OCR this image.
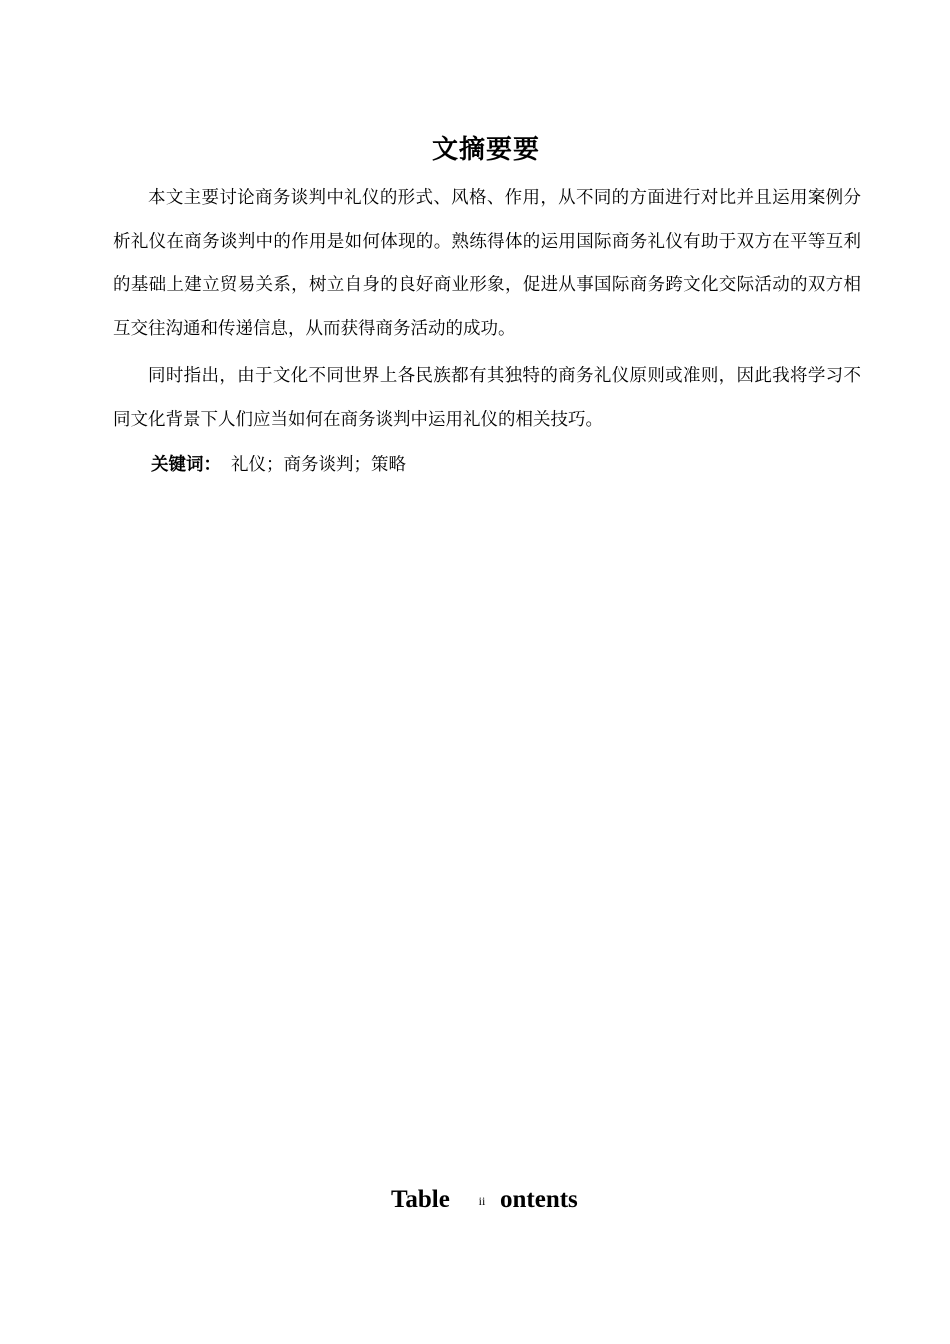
文摘要要

本文主要讨论商务谈判中礼仪的形式、风格、作用，从不同的方面进行对比并且运用案例分析礼仪在商务谈判中的作用是如何体现的。熟练得体的运用国际商务礼仪有助于双方在平等互利的基础上建立贸易关系，树立自身的良好商业形象，促进从事国际商务跨文化交际活动的双方相互交往沟通和传递信息，从而获得商务活动的成功。

同时指出，由于文化不同世界上各民族都有其独特的商务礼仪原则或准则，因此我将学习不同文化背景下人们应当如何在商务谈判中运用礼仪的相关技巧。

关键词： 礼仪；商务谈判；策略
Table ontents
ii
